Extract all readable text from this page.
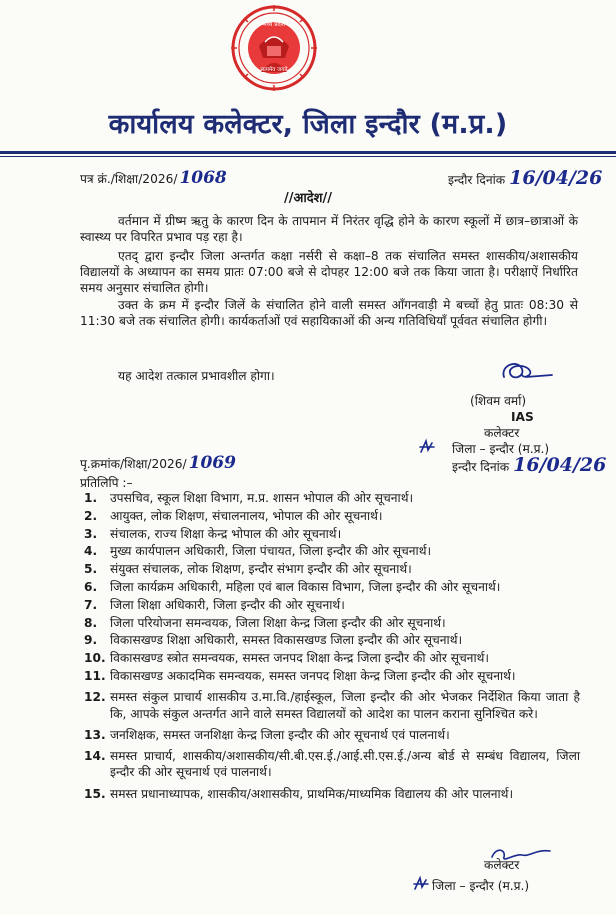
मध्य प्रदेश
सत्यमेव जयते
कार्यालय कलेक्टर, जिला इन्दौर (म.प्र.)
पत्र क्रं./शिक्षा/2026/ 1068	इन्दौर दिनांक 16/04/26
//आदेश//
वर्तमान में ग्रीष्म ऋतु के कारण दिन के तापमान में निरंतर वृद्धि होने के कारण स्कूलों में छात्र–छात्राओं के स्वास्थ्य पर विपरित प्रभाव पड़ रहा है।
एतद् द्वारा इन्दौर जिला अन्तर्गत कक्षा नर्सरी से कक्षा–8 तक संचालित समस्त शासकीय/अशासकीय विद्यालयों के अध्यापन का समय प्रातः 07:00 बजे से दोपहर 12:00 बजे तक किया जाता है। परीक्षाऐं निर्धारित समय अनुसार संचालित होगी।
उक्त के क्रम में इन्दौर जिलें के संचालित होने वाली समस्त आँगनवाड़ी मे बच्चों हेतु प्रातः 08:30 से 11:30 बजे तक संचालित होगी। कार्यकर्ताओं एवं सहायिकाओं की अन्य गतिविधियाँ पूर्ववत संचालित होगी।
यह आदेश तत्काल प्रभावशील होगा।
(शिवम वर्मा)
IAS
कलेक्टर
जिला – इन्दौर (म.प्र.)
इन्दौर दिनांक 16/04/26
पृ.क्रमांक/शिक्षा/2026/ 1069
प्रतिलिपि :–
1. उपसचिव, स्कूल शिक्षा विभाग, म.प्र. शासन भोपाल की ओर सूचनार्थ।
2. आयुक्त, लोक शिक्षण, संचालनालय, भोपाल की ओर सूचनार्थ।
3. संचालक, राज्य शिक्षा केन्द्र भोपाल की ओर सूचनार्थ।
4. मुख्य कार्यपालन अधिकारी, जिला पंचायत, जिला इन्दौर की ओर सूचनार्थ।
5. संयुक्त संचालक, लोक शिक्षण, इन्दौर संभाग इन्दौर की ओर सूचनार्थ।
6. जिला कार्यक्रम अधिकारी, महिला एवं बाल विकास विभाग, जिला इन्दौर की ओर सूचनार्थ।
7. जिला शिक्षा अधिकारी, जिला इन्दौर की ओर सूचनार्थ।
8. जिला परियोजना समन्वयक, जिला शिक्षा केन्द्र जिला इन्दौर की ओर सूचनार्थ।
9. विकासखण्ड शिक्षा अधिकारी, समस्त विकासखण्ड जिला इन्दौर की ओर सूचनार्थ।
10. विकासखण्ड स्त्रोत समन्वयक, समस्त जनपद शिक्षा केन्द्र जिला इन्दौर की ओर सूचनार्थ।
11. विकासखण्ड अकादमिक समन्वयक, समस्त जनपद शिक्षा केन्द्र जिला इन्दौर की ओर सूचनार्थ।
12. समस्त संकुल प्राचार्य शासकीय उ.मा.वि./हाईस्कूल, जिला इन्दौर की ओर भेजकर निर्देशित किया जाता है कि, आपके संकुल अन्तर्गत आने वाले समस्त विद्यालयों को आदेश का पालन कराना सुनिश्चित करे।
13. जनशिक्षक, समस्त जनशिक्षा केन्द्र जिला इन्दौर की ओर सूचनार्थ एवं पालनार्थ।
14. समस्त प्राचार्य, शासकीय/अशासकीय/सी.बी.एस.ई./आई.सी.एस.ई./अन्य बोर्ड से सम्बंध विद्यालय, जिला इन्दौर की ओर सूचनार्थ एवं पालनार्थ।
15. समस्त प्रधानाध्यापक, शासकीय/अशासकीय, प्राथमिक/माध्यमिक विद्यालय की ओर पालनार्थ।
कलेक्टर
जिला – इन्दौर (म.प्र.)
